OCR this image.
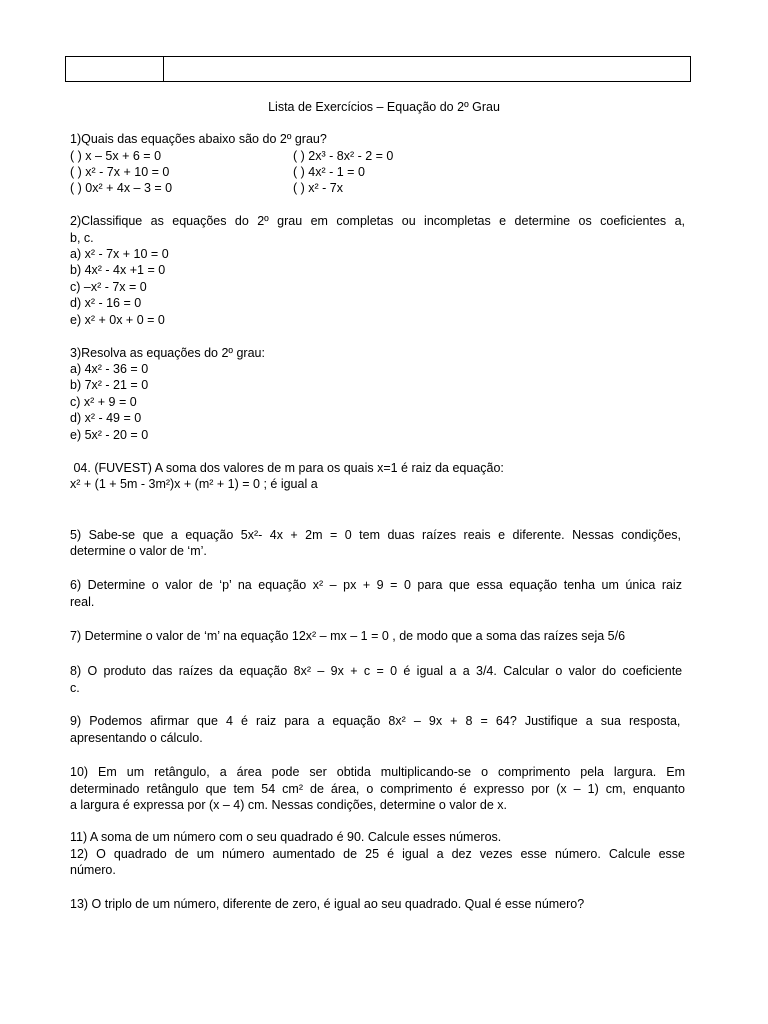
Lista de Exercícios – Equação do 2º Grau
1)Quais das equações abaixo são do 2º grau?
( ) x – 5x + 6 = 0
( ) x² - 7x + 10 = 0
( ) 0x² + 4x – 3 = 0
( ) 2x³ - 8x² - 2 = 0
( ) 4x² - 1 = 0
( ) x² - 7x
2)Classifique as equações do 2º grau em completas ou incompletas e determine os coeficientes a,
b, c.
a) x² - 7x + 10 = 0
b) 4x² - 4x +1 = 0
c) –x² - 7x = 0
d) x² - 16 = 0
e) x² + 0x + 0 = 0
3)Resolva as equações do 2º grau:
a) 4x² - 36 = 0
b) 7x² - 21 = 0
c) x² + 9 = 0
d) x² - 49 = 0
e) 5x² - 20 = 0
04. (FUVEST) A soma dos valores de m para os quais x=1 é raiz da equação:
x² + (1 + 5m - 3m²)x + (m² + 1) = 0 ; é igual a
5) Sabe-se que a equação 5x²- 4x + 2m = 0 tem duas raízes reais e diferente. Nessas condições,
determine o valor de ‘m’.
6) Determine o valor de ‘p’ na equação x² – px + 9 = 0 para que essa equação tenha um única raiz
real.
7) Determine o valor de ‘m’ na equação 12x² – mx – 1 = 0 , de modo que a soma das raízes seja 5/6
8) O produto das raízes da equação 8x² – 9x + c = 0 é igual a a 3/4. Calcular o valor do coeficiente
c.
9) Podemos afirmar que 4 é raiz para a equação 8x² – 9x + 8 = 64? Justifique a sua resposta,
apresentando o cálculo.
10) Em um retângulo, a área pode ser obtida multiplicando-se o comprimento pela largura. Em
determinado retângulo que tem 54 cm² de área, o comprimento é expresso por (x – 1) cm, enquanto
a largura é expressa por (x – 4) cm. Nessas condições, determine o valor de x.
11) A soma de um número com o seu quadrado é 90. Calcule esses números.
12) O quadrado de um número aumentado de 25 é igual a dez vezes esse número. Calcule esse
número.
13) O triplo de um número, diferente de zero, é igual ao seu quadrado. Qual é esse número?
